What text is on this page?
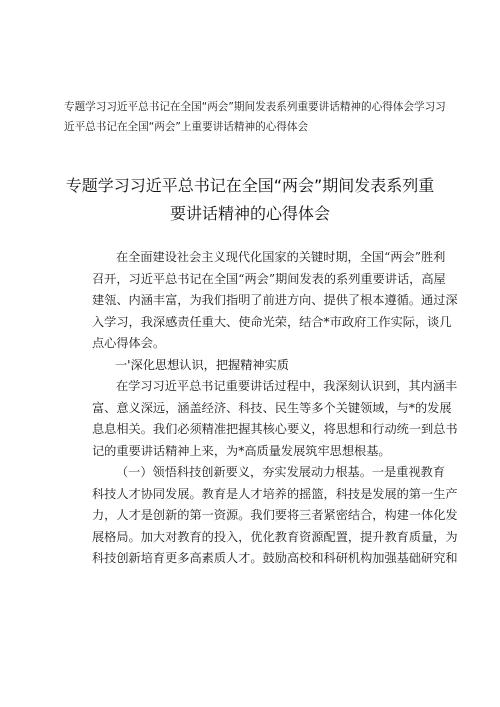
专题学习习近平总书记在全国“两会”期间发表系列重要讲话精神的心得体会学习习
近平总书记在全国“两会”上重要讲话精神的心得体会
专题学习习近平总书记在全国“两会”期间发表系列重
要讲话精神的心得体会
在全面建设社会主义现代化国家的关键时期，全国“两会”胜利
召开，习近平总书记在全国“两会”期间发表的系列重要讲话，高屋
建瓴、内涵丰富，为我们指明了前进方向、提供了根本遵循。通过深
入学习，我深感责任重大、使命光荣，结合*市政府工作实际，谈几
点心得体会。
一'深化思想认识，把握精神实质
在学习习近平总书记重要讲话过程中，我深刻认识到，其内涵丰
富、意义深远，涵盖经济、科技、民生等多个关键领域，与*的发展
息息相关。我们必须精准把握其核心要义，将思想和行动统一到总书
记的重要讲话精神上来，为*高质量发展筑牢思想根基。
（一）领悟科技创新要义，夯实发展动力根基。一是重视教育
科技人才协同发展。教育是人才培养的摇篮，科技是发展的第一生产
力，人才是创新的第一资源。我们要将三者紧密结合，构建一体化发
展格局。加大对教育的投入，优化教育资源配置，提升教育质量，为
科技创新培育更多高素质人才。鼓励高校和科研机构加强基础研究和
